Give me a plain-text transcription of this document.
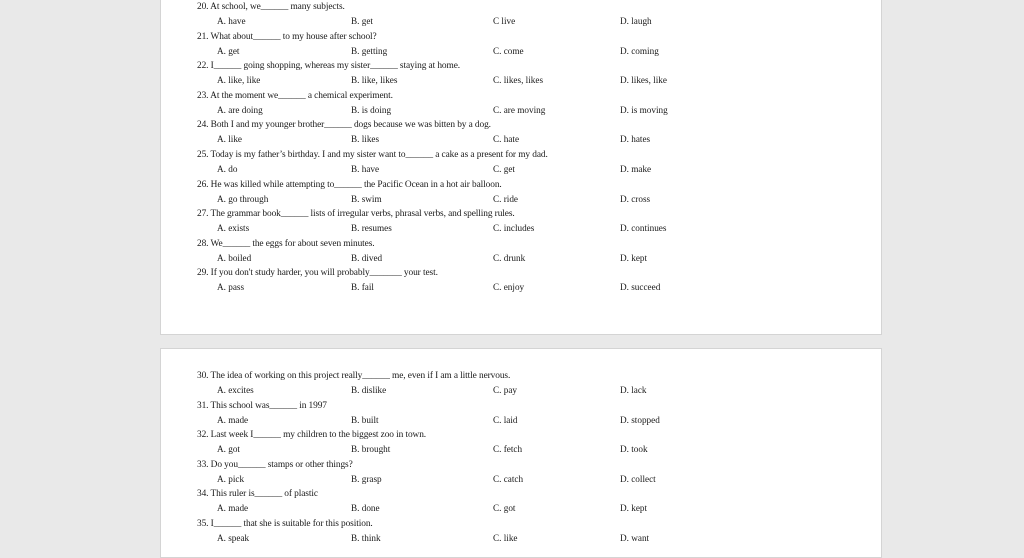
20. At school, we______ many subjects.
A. have	B. get	C live	D. laugh
21. What about______ to my house after school?
A. get	B. getting	C. come	D. coming
22. I______ going shopping, whereas my sister______ staying at home.
A. like, like	B. like, likes	C. likes, likes	D. likes, like
23. At the moment we______ a chemical experiment.
A. are doing	B. is doing	C. are moving	D. is moving
24. Both I and my younger brother______ dogs because we was bitten by a dog.
A. like	B. likes	C. hate	D. hates
25. Today is my father’s birthday. I and my sister want to______ a cake as a present for my dad.
A. do	B. have	C. get	D. make
26. He was killed while attempting to______ the Pacific Ocean in a hot air balloon.
A. go through	B. swim	C. ride	D. cross
27. The grammar book______ lists of irregular verbs, phrasal verbs, and spelling rules.
A. exists	B. resumes	C. includes	D. continues
28. We______ the eggs for about seven minutes.
A. boiled	B. dived	C. drunk	D. kept
29. If you don't study harder, you will probably_______ your test.
A. pass	B. fail	C. enjoy	D. succeed
30. The idea of working on this project really______ me, even if I am a little nervous.
A. excites	B. dislike	C. pay	D. lack
31. This school was______ in 1997
A. made	B. built	C. laid	D. stopped
32. Last week I______ my children to the biggest zoo in town.
A. got	B. brought	C. fetch	D. took
33. Do you______ stamps or other things?
A. pick	B. grasp	C. catch	D. collect
34. This ruler is______ of plastic
A. made	B. done	C. got	D. kept
35. I______ that she is suitable for this position.
A. speak	B. think	C. like	D. want
